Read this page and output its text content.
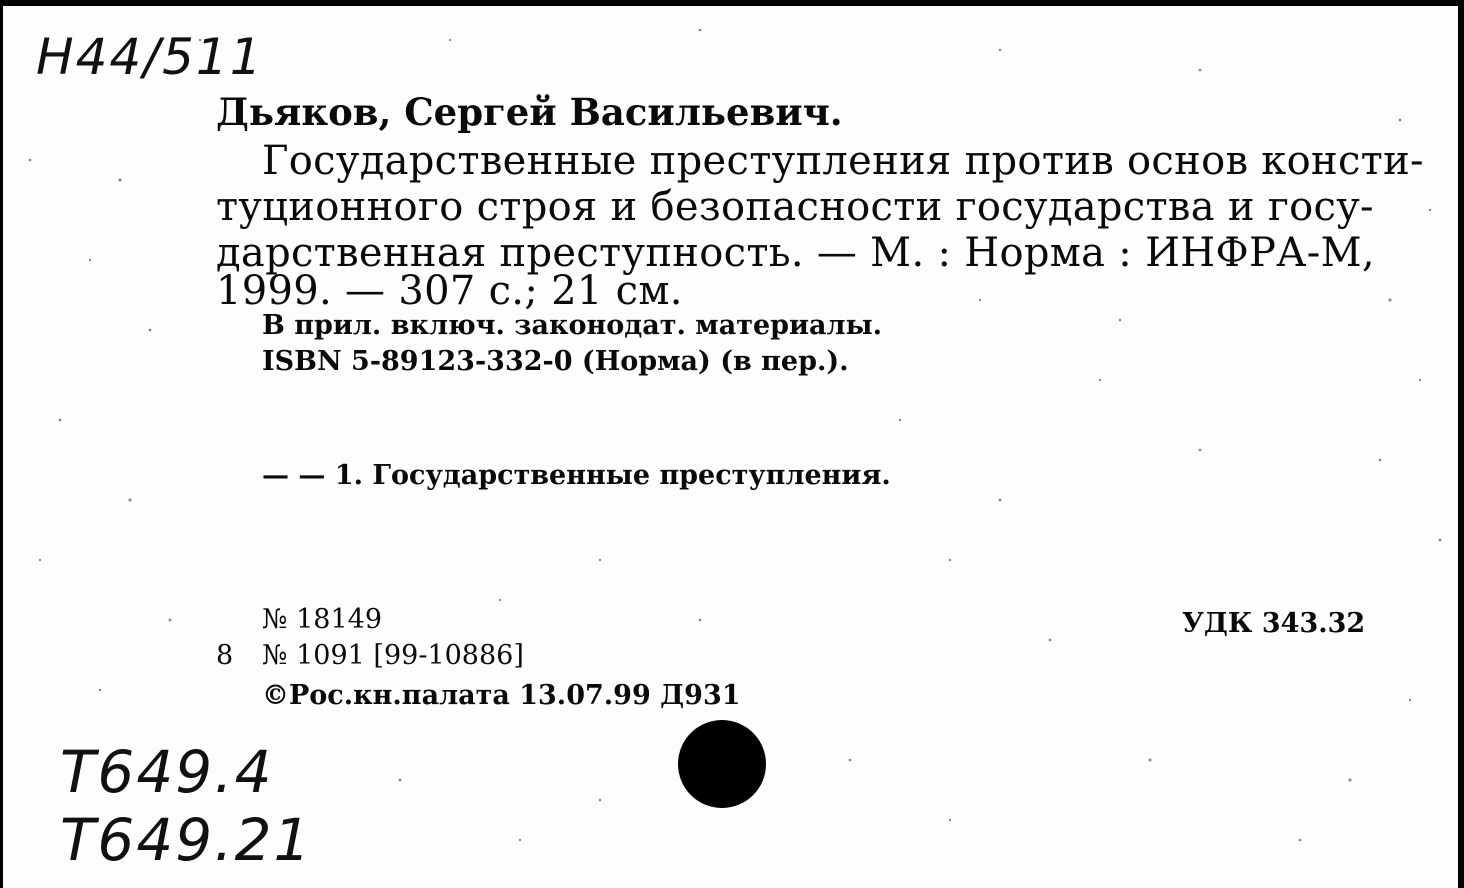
Н44/511
Дьяков, Сергей Васильевич.
Государственные преступления против основ консти-
туционного строя и безопасности государства и госу-
дарственная преступность. — М. : Норма : ИНФРА-М,
1999. — 307 с.; 21 см.
В прил. включ. законодат. материалы.
ISBN 5-89123-332-0 (Норма) (в пер.).
— — 1. Государственные преступления.
№ 18149
8 № 1091 [99-10886]
©Рос.кн.палата 13.07.99 Д931
УДК 343.32
Т649.4
Т649.21
